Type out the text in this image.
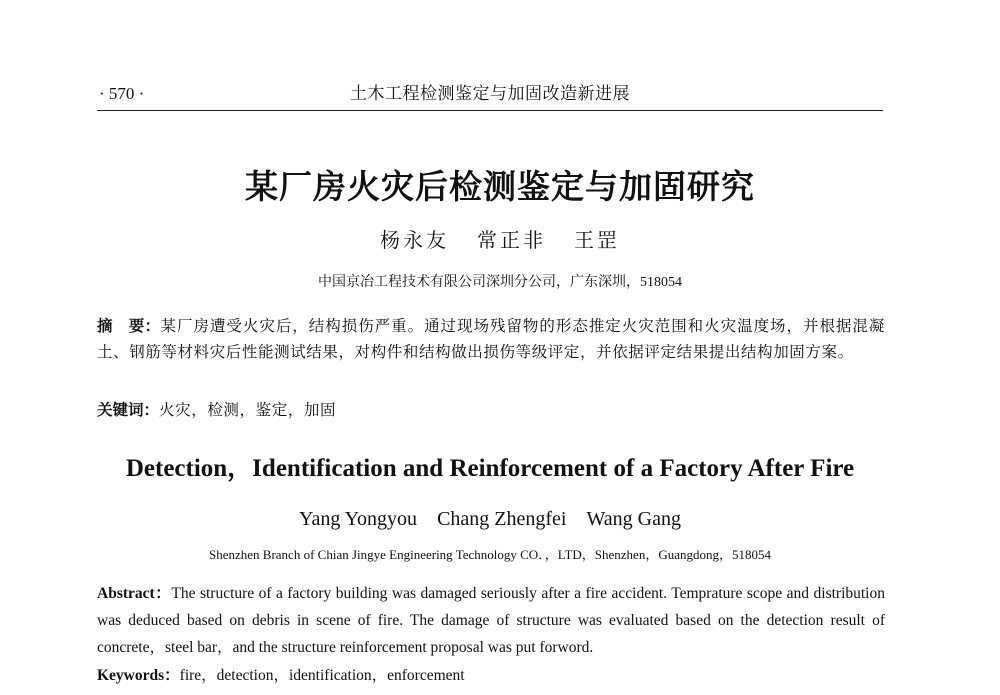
· 570 ·	土木工程检测鉴定与加固改造新进展
某厂房火灾后检测鉴定与加固研究
杨永友 常正非 王罡
中国京冶工程技术有限公司深圳分公司，广东深圳，518054
摘　要：某厂房遭受火灾后，结构损伤严重。通过现场残留物的形态推定火灾范围和火灾温度场，并根据混凝土、钢筋等材料灾后性能测试结果，对构件和结构做出损伤等级评定，并依据评定结果提出结构加固方案。
关键词：火灾，检测，鉴定，加固
Detection，Identification and Reinforcement of a Factory After Fire
Yang Yongyou Chang Zhengfei Wang Gang
Shenzhen Branch of Chian Jingye Engineering Technology CO．，LTD，Shenzhen，Guangdong，518054
Abstract：The structure of a factory building was damaged seriously after a fire accident. Temprature scope and distribution was deduced based on debris in scene of fire. The damage of structure was evaluated based on the detection result of concrete，steel bar，and the structure reinforcement proposal was put forword.
Keywords：fire，detection，identification，enforcement
